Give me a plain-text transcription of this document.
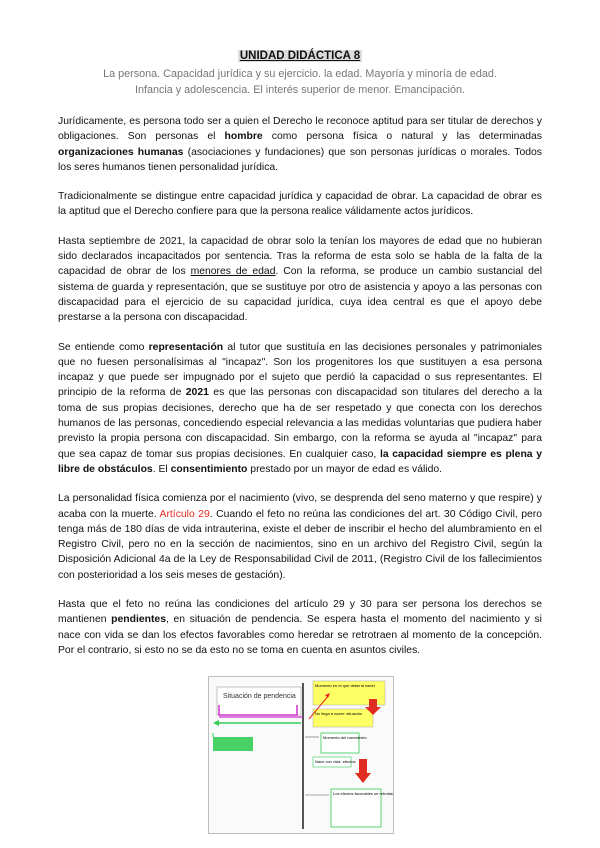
UNIDAD DIDÁCTICA 8
La persona. Capacidad jurídica y su ejercicio. la edad. Mayoría y minoría de edad.
Infancia y adolescencia. El interés superior de menor. Emancipación.

Jurídicamente, es persona todo ser a quien el Derecho le reconoce aptitud para ser titular de derechos y obligaciones. Son personas el hombre como persona física o natural y las determinadas organizaciones humanas (asociaciones y fundaciones) que son personas jurídicas o morales. Todos los seres humanos tienen personalidad jurídica.

Tradicionalmente se distingue entre capacidad jurídica y capacidad de obrar. La capacidad de obrar es la aptitud que el Derecho confiere para que la persona realice válidamente actos jurídicos.

Hasta septiembre de 2021, la capacidad de obrar solo la tenían los mayores de edad que no hubieran sido declarados incapacitados por sentencia. Tras la reforma de esta solo se habla de la falta de la capacidad de obrar de los menores de edad. Con la reforma, se produce un cambio sustancial del sistema de guarda y representación, que se sustituye por otro de asistencia y apoyo a las personas con discapacidad para el ejercicio de su capacidad jurídica, cuya idea central es que el apoyo debe prestarse a la persona con discapacidad.

Se entiende como representación al tutor que sustituía en las decisiones personales y patrimoniales que no fuesen personalísimas al "incapaz". Son los progenitores los que sustituyen a esa persona incapaz y que puede ser impugnado por el sujeto que perdió la capacidad o sus representantes. El principio de la reforma de 2021 es que las personas con discapacidad son titulares del derecho a la toma de sus propias decisiones, derecho que ha de ser respetado y que conecta con los derechos humanos de las personas, concediendo especial relevancia a las medidas voluntarias que pudiera haber previsto la propia persona con discapacidad. Sin embargo, con la reforma se ayuda al "incapaz" para que sea capaz de tomar sus propias decisiones. En cualquier caso, la capacidad siempre es plena y libre de obstáculos. El consentimiento prestado por un mayor de edad es válido.

La personalidad física comienza por el nacimiento (vivo, se desprenda del seno materno y que respire) y acaba con la muerte. Artículo 29. Cuando el feto no reúna las condiciones del art. 30 Código Civil, pero tenga más de 180 días de vida intrauterina, existe el deber de inscribir el hecho del alumbramiento en el Registro Civil, pero no en la sección de nacimientos, sino en un archivo del Registro Civil, según la Disposición Adicional 4a de la Ley de Responsabilidad Civil de 2011, (Registro Civil de los fallecimientos con posterioridad a los seis meses de gestación).

Hasta que el feto no reúna las condiciones del artículo 29 y 30 para ser persona los derechos se mantienen pendientes, en situación de pendencia. Se espera hasta el momento del nacimiento y si nace con vida se dan los efectos favorables como heredar se retrotraen al momento de la concepción. Por el contrario, si esto no se da esto no se toma en cuenta en asuntos civiles.

Situación de pendencia
Momento en el que debería nacer
No llega a nacer: situación
Momento del nacimiento
Nace con vida: efectos
Los efectos favorables se retrotraen
